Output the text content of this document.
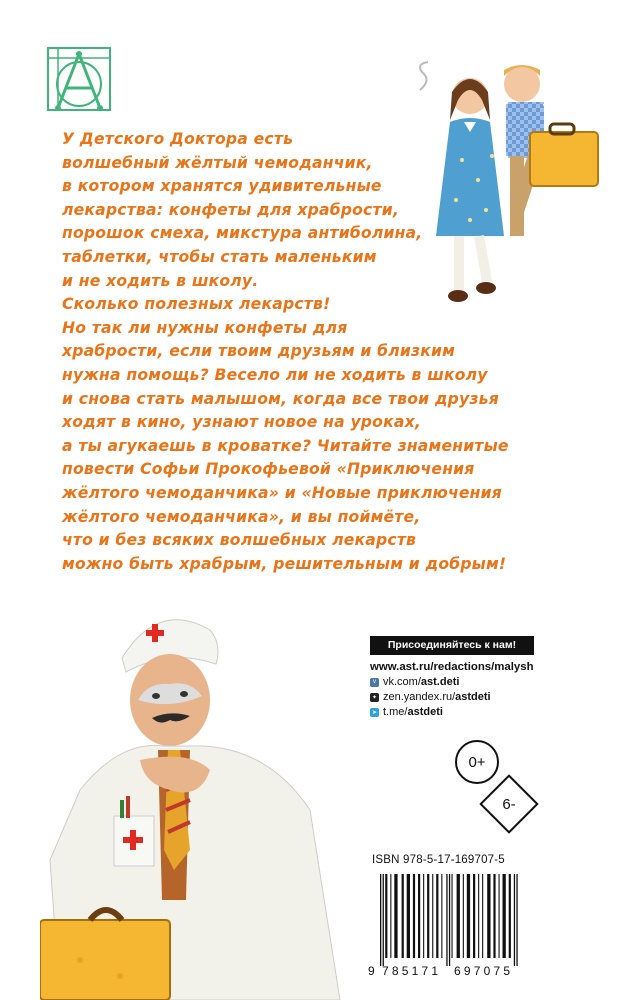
У Детского Доктора есть
волшебный жёлтый чемоданчик,
в котором хранятся удивительные
лекарства: конфеты для храбрости,
порошок смеха, микстура антиболина,
таблетки, чтобы стать маленьким
и не ходить в школу.
Сколько полезных лекарств!
Но так ли нужны конфеты для
храбрости, если твоим друзьям и близким
нужна помощь? Весело ли не ходить в школу
и снова стать малышом, когда все твои друзья
ходят в кино, узнают новое на уроках,
а ты агукаешь в кроватке? Читайте знаменитые
повести Софьи Прокофьевой «Приключения
жёлтого чемоданчика» и «Новые приключения
жёлтого чемоданчика», и вы поймёте,
что и без всяких волшебных лекарств
можно быть храбрым, решительным и добрым!
Присоединяйтесь к нам!
www.ast.ru/redactions/malysh
v vk.com/ast.deti
✦ zen.yandex.ru/astdeti
➤ t.me/astdeti
0+
6-
ISBN 978-5-17-169707-5
9 785171 697075
